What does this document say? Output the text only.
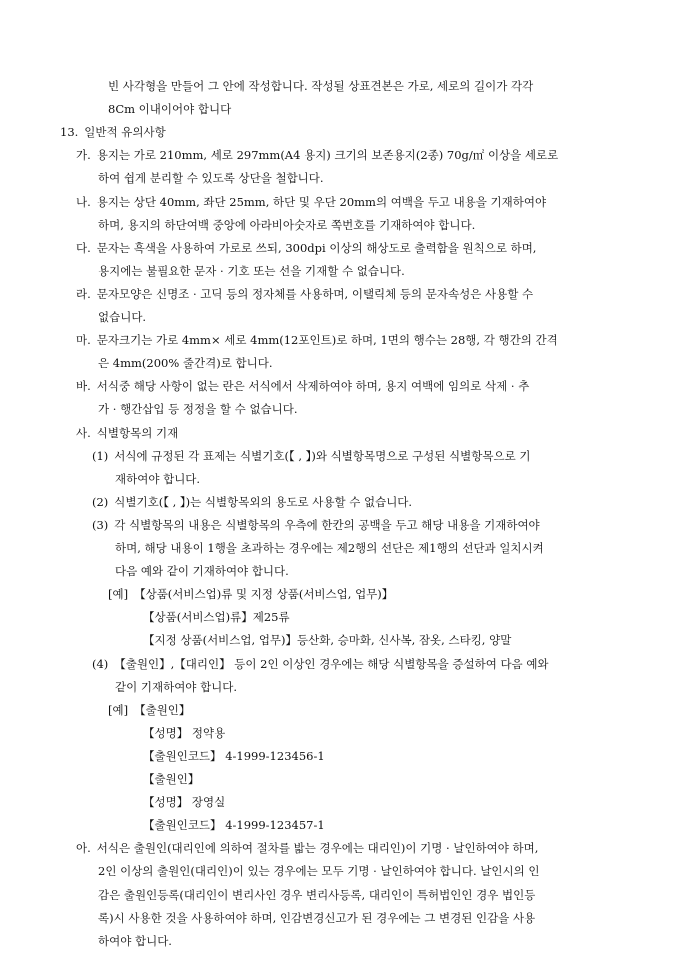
빈 사각형을 만들어 그 안에 작성합니다. 작성될 상표견본은 가로, 세로의 길이가 각각
8Cm 이내이어야 합니다
13. 일반적 유의사항
가. 용지는 가로 210mm, 세로 297mm(A4 용지) 크기의 보존용지(2종) 70g/㎡ 이상을 세로로
하여 쉽게 분리할 수 있도록 상단을 철합니다.
나. 용지는 상단 40mm, 좌단 25mm, 하단 및 우단 20mm의 여백을 두고 내용을 기재하여야
하며, 용지의 하단여백 중앙에 아라비아숫자로 쪽번호를 기재하여야 합니다.
다. 문자는 흑색을 사용하여 가로로 쓰되, 300dpi 이상의 해상도로 출력함을 원칙으로 하며,
용지에는 불필요한 문자 · 기호 또는 선을 기재할 수 없습니다.
라. 문자모양은 신명조 · 고딕 등의 정자체를 사용하며, 이탤릭체 등의 문자속성은 사용할 수
없습니다.
마. 문자크기는 가로 4mm× 세로 4mm(12포인트)로 하며, 1면의 행수는 28행, 각 행간의 간격
은 4mm(200% 줄간격)로 합니다.
바. 서식중 해당 사항이 없는 란은 서식에서 삭제하여야 하며, 용지 여백에 임의로 삭제 · 추
가 · 행간삽입 등 정정을 할 수 없습니다.
사. 식별항목의 기재
(1) 서식에 규정된 각 표제는 식별기호(【 , 】)와 식별항목명으로 구성된 식별항목으로 기
재하여야 합니다.
(2) 식별기호(【 , 】)는 식별항목외의 용도로 사용할 수 없습니다.
(3) 각 식별항목의 내용은 식별항목의 우측에 한칸의 공백을 두고 해당 내용을 기재하여야
하며, 해당 내용이 1행을 초과하는 경우에는 제2행의 선단은 제1행의 선단과 일치시켜
다음 예와 같이 기재하여야 합니다.
[예] 【상품(서비스업)류 및 지정 상품(서비스업, 업무)】
【상품(서비스업)류】제25류
【지정 상품(서비스업, 업무)】등산화, 승마화, 신사복, 잠옷, 스타킹, 양말
(4) 【출원인】,【대리인】 등이 2인 이상인 경우에는 해당 식별항목을 증설하여 다음 예와
같이 기재하여야 합니다.
[예] 【출원인】
【성명】 정약용
【출원인코드】 4-1999-123456-1
【출원인】
【성명】 장영실
【출원인코드】 4-1999-123457-1
아. 서식은 출원인(대리인에 의하여 절차를 밟는 경우에는 대리인)이 기명 · 날인하여야 하며,
2인 이상의 출원인(대리인)이 있는 경우에는 모두 기명 · 날인하여야 합니다. 날인시의 인
감은 출원인등록(대리인이 변리사인 경우 변리사등록, 대리인이 특허법인인 경우 법인등
록)시 사용한 것을 사용하여야 하며, 인감변경신고가 된 경우에는 그 변경된 인감을 사용
하여야 합니다.
